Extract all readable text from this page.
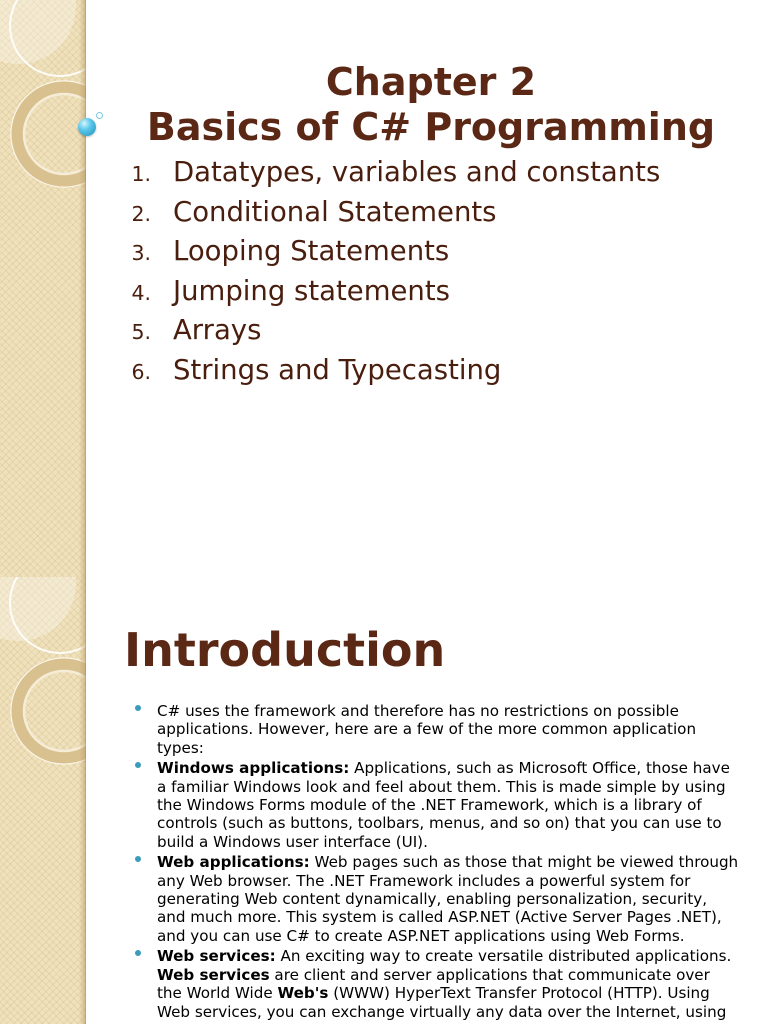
Chapter 2
Basics of C# Programming
1. Datatypes, variables and constants
2. Conditional Statements
3. Looping Statements
4. Jumping statements
5. Arrays
6. Strings and Typecasting
Introduction
C# uses the framework and therefore has no restrictions on possible
applications. However, here are a few of the more common application
types:
Windows applications: Applications, such as Microsoft Office, those have
a familiar Windows look and feel about them. This is made simple by using
the Windows Forms module of the .NET Framework, which is a library of
controls (such as buttons, toolbars, menus, and so on) that you can use to
build a Windows user interface (UI).
Web applications: Web pages such as those that might be viewed through
any Web browser. The .NET Framework includes a powerful system for
generating Web content dynamically, enabling personalization, security,
and much more. This system is called ASP.NET (Active Server Pages .NET),
and you can use C# to create ASP.NET applications using Web Forms.
Web services: An exciting way to create versatile distributed applications.
Web services are client and server applications that communicate over
the World Wide Web's (WWW) HyperText Transfer Protocol (HTTP). Using
Web services, you can exchange virtually any data over the Internet, using
